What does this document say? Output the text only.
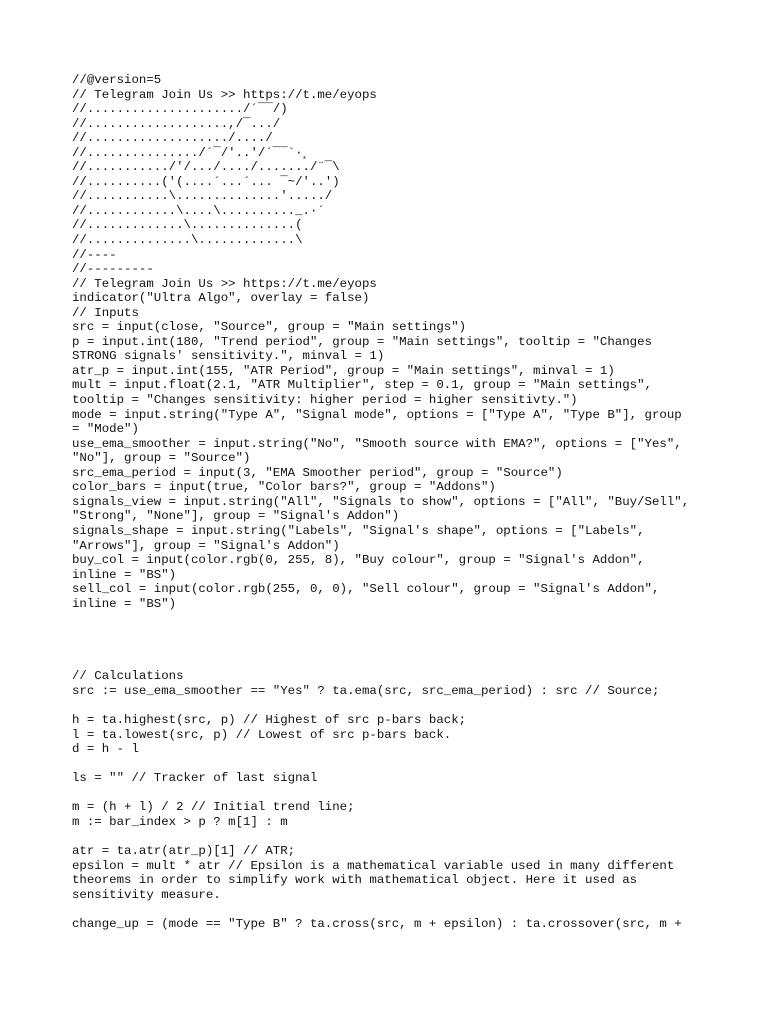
//@version=5
// Telegram Join Us >> https://t.me/eyops
//...................../´¯¯/)
//...................,/¯.../
//.................../..../
//.............../´¯/'..'/´¯¯`·¸
//.........../'/.../..../......./¨¯\
//..........('(....´...´... ¯~/'..')
//...........\..............'...../
//............\....\.........._.·´
//.............\..............(
//..............\.............\
//----
//---------
// Telegram Join Us >> https://t.me/eyops
indicator("Ultra Algo", overlay = false)
// Inputs
src = input(close, "Source", group = "Main settings")
p = input.int(180, "Trend period", group = "Main settings", tooltip = "Changes
STRONG signals' sensitivity.", minval = 1)
atr_p = input.int(155, "ATR Period", group = "Main settings", minval = 1)
mult = input.float(2.1, "ATR Multiplier", step = 0.1, group = "Main settings",
tooltip = "Changes sensitivity: higher period = higher sensitivty.")
mode = input.string("Type A", "Signal mode", options = ["Type A", "Type B"], group
= "Mode")
use_ema_smoother = input.string("No", "Smooth source with EMA?", options = ["Yes",
"No"], group = "Source")
src_ema_period = input(3, "EMA Smoother period", group = "Source")
color_bars = input(true, "Color bars?", group = "Addons")
signals_view = input.string("All", "Signals to show", options = ["All", "Buy/Sell",
"Strong", "None"], group = "Signal's Addon")
signals_shape = input.string("Labels", "Signal's shape", options = ["Labels",
"Arrows"], group = "Signal's Addon")
buy_col = input(color.rgb(0, 255, 8), "Buy colour", group = "Signal's Addon",
inline = "BS")
sell_col = input(color.rgb(255, 0, 0), "Sell colour", group = "Signal's Addon",
inline = "BS")
// Calculations
src := use_ema_smoother == "Yes" ? ta.ema(src, src_ema_period) : src // Source;
h = ta.highest(src, p) // Highest of src p-bars back;
l = ta.lowest(src, p) // Lowest of src p-bars back.
d = h - l
ls = "" // Tracker of last signal
m = (h + l) / 2 // Initial trend line;
m := bar_index > p ? m[1] : m
atr = ta.atr(atr_p)[1] // ATR;
epsilon = mult * atr // Epsilon is a mathematical variable used in many different
theorems in order to simplify work with mathematical object. Here it used as
sensitivity measure.
change_up = (mode == "Type B" ? ta.cross(src, m + epsilon) : ta.crossover(src, m +
